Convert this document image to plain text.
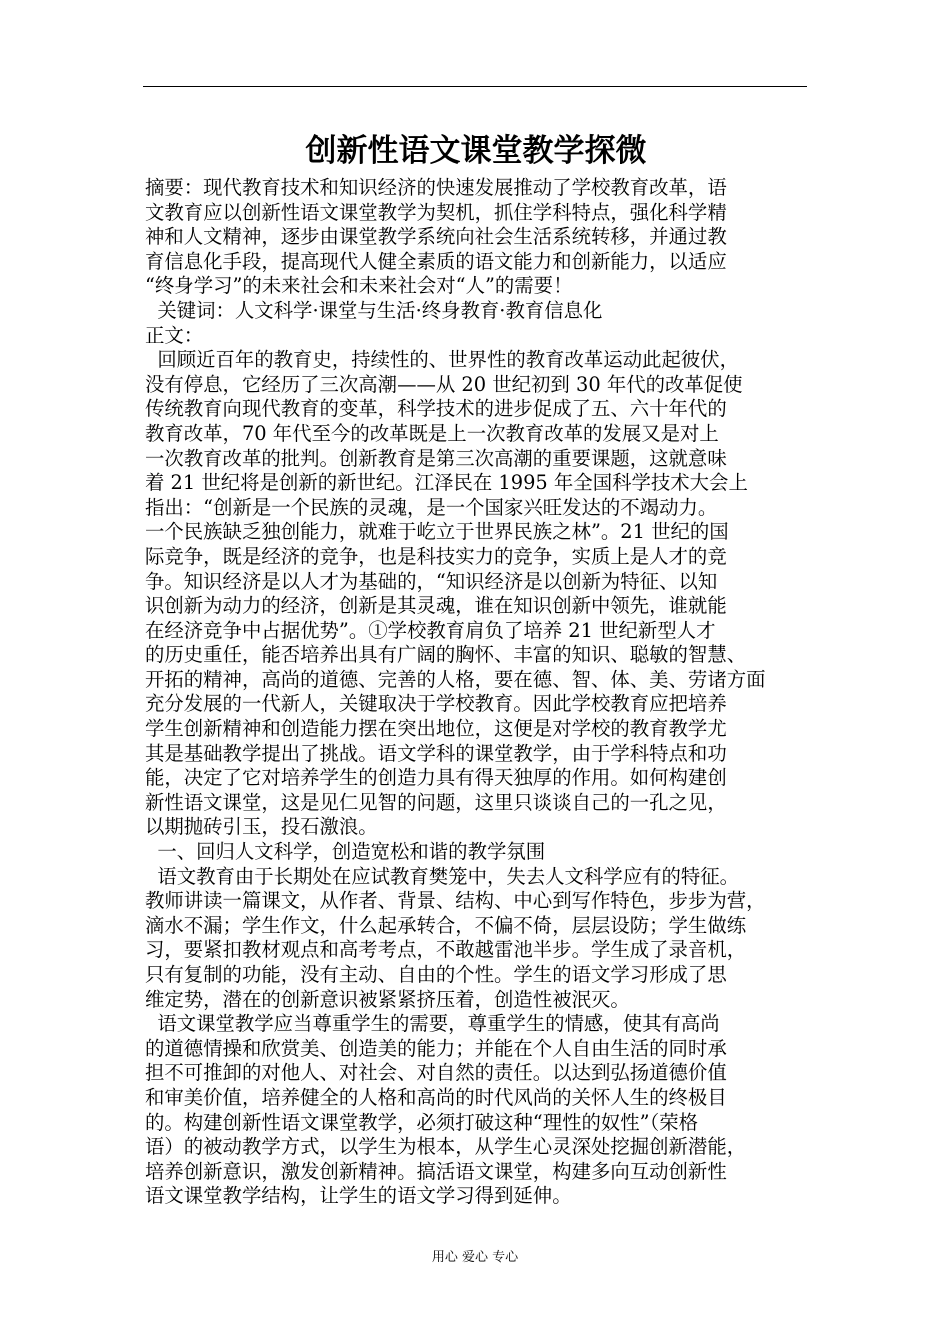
创新性语文课堂教学探微
摘要：现代教育技术和知识经济的快速发展推动了学校教育改革，语
文教育应以创新性语文课堂教学为契机，抓住学科特点，强化科学精
神和人文精神，逐步由课堂教学系统向社会生活系统转移，并通过教
育信息化手段，提高现代人健全素质的语文能力和创新能力，以适应
“终身学习”的未来社会和未来社会对“人”的需要！
关键词：人文科学·课堂与生活·终身教育·教育信息化
正文：
回顾近百年的教育史，持续性的、世界性的教育改革运动此起彼伏，
没有停息，它经历了三次高潮——从 20 世纪初到 30 年代的改革促使
传统教育向现代教育的变革，科学技术的进步促成了五、六十年代的
教育改革，70 年代至今的改革既是上一次教育改革的发展又是对上
一次教育改革的批判。创新教育是第三次高潮的重要课题，这就意味
着 21 世纪将是创新的新世纪。江泽民在 1995 年全国科学技术大会上
指出：“创新是一个民族的灵魂，是一个国家兴旺发达的不竭动力。
一个民族缺乏独创能力，就难于屹立于世界民族之林”。21 世纪的国
际竞争，既是经济的竞争，也是科技实力的竞争，实质上是人才的竞
争。知识经济是以人才为基础的，“知识经济是以创新为特征、以知
识创新为动力的经济，创新是其灵魂，谁在知识创新中领先，谁就能
在经济竞争中占据优势”。①学校教育肩负了培养 21 世纪新型人才
的历史重任，能否培养出具有广阔的胸怀、丰富的知识、聪敏的智慧、
开拓的精神，高尚的道德、完善的人格，要在德、智、体、美、劳诸方面
充分发展的一代新人，关键取决于学校教育。因此学校教育应把培养
学生创新精神和创造能力摆在突出地位，这便是对学校的教育教学尤
其是基础教学提出了挑战。语文学科的课堂教学，由于学科特点和功
能，决定了它对培养学生的创造力具有得天独厚的作用。如何构建创
新性语文课堂，这是见仁见智的问题，这里只谈谈自己的一孔之见，
以期抛砖引玉，投石激浪。
一、回归人文科学，创造宽松和谐的教学氛围
语文教育由于长期处在应试教育樊笼中，失去人文科学应有的特征。
教师讲读一篇课文，从作者、背景、结构、中心到写作特色，步步为营，
滴水不漏；学生作文，什么起承转合，不偏不倚，层层设防；学生做练
习，要紧扣教材观点和高考考点，不敢越雷池半步。学生成了录音机，
只有复制的功能，没有主动、自由的个性。学生的语文学习形成了思
维定势，潜在的创新意识被紧紧挤压着，创造性被泯灭。
语文课堂教学应当尊重学生的需要，尊重学生的情感，使其有高尚
的道德情操和欣赏美、创造美的能力；并能在个人自由生活的同时承
担不可推卸的对他人、对社会、对自然的责任。以达到弘扬道德价值
和审美价值，培养健全的人格和高尚的时代风尚的关怀人生的终极目
的。构建创新性语文课堂教学，必须打破这种“理性的奴性”（荣格
语）的被动教学方式，以学生为根本，从学生心灵深处挖掘创新潜能，
培养创新意识，激发创新精神。搞活语文课堂，构建多向互动创新性
语文课堂教学结构，让学生的语文学习得到延伸。
用心 爱心 专心
